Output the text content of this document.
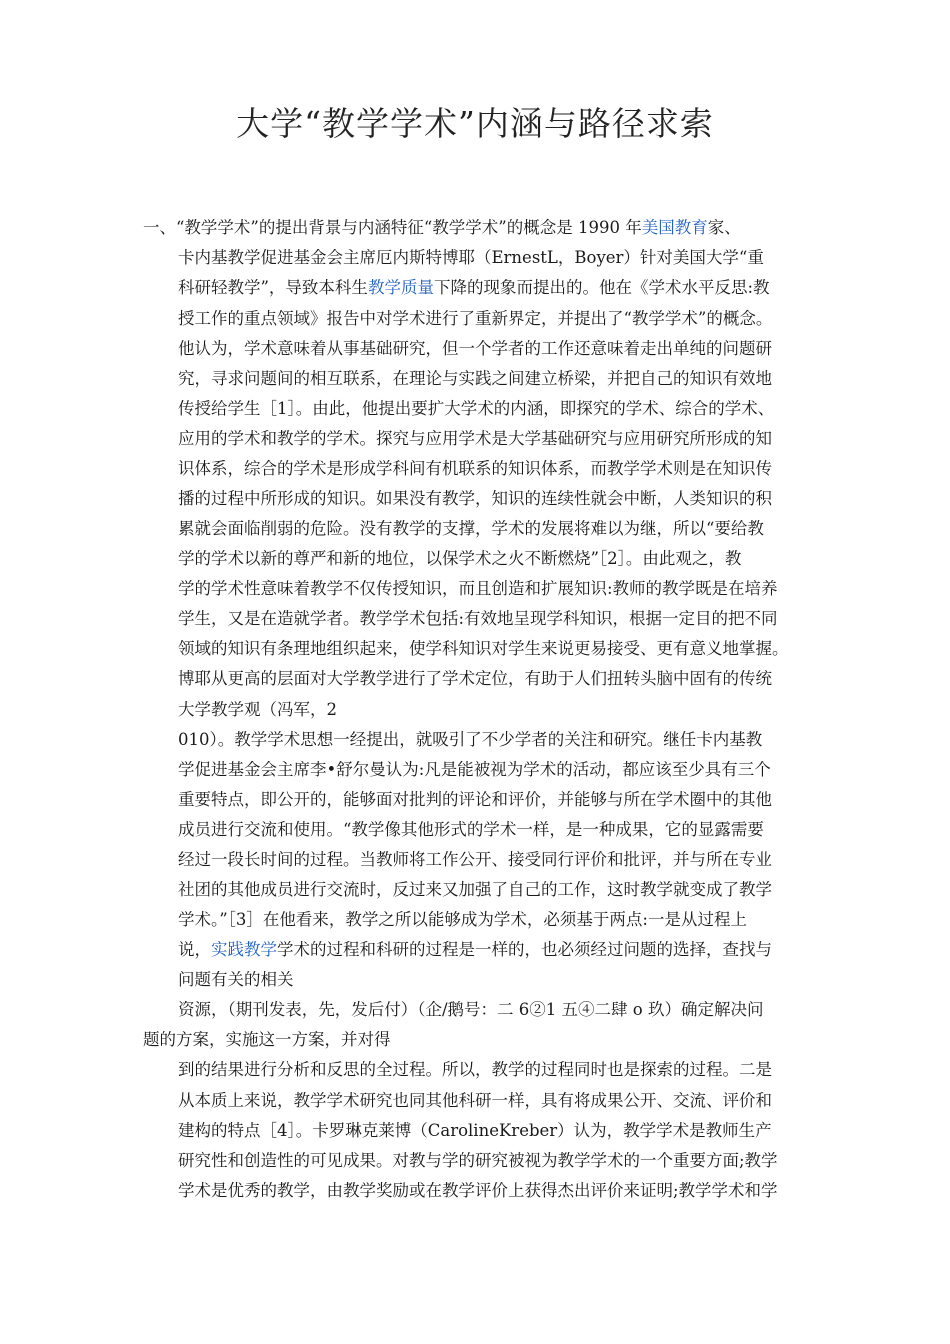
大学“教学学术”内涵与路径求索
一、“教学学术”的提出背景与内涵特征“教学学术”的概念是 1990 年美国教育家、
卡内基教学促进基金会主席厄内斯特博耶（ErnestL，Boyer）针对美国大学“重
科研轻教学”，导致本科生教学质量下降的现象而提出的。他在《学术水平反思:教
授工作的重点领域》报告中对学术进行了重新界定，并提出了“教学学术”的概念。
他认为，学术意味着从事基础研究，但一个学者的工作还意味着走出单纯的问题研
究，寻求问题间的相互联系，在理论与实践之间建立桥梁，并把自己的知识有效地
传授给学生［1］。由此，他提出要扩大学术的内涵，即探究的学术、综合的学术、
应用的学术和教学的学术。探究与应用学术是大学基础研究与应用研究所形成的知
识体系，综合的学术是形成学科间有机联系的知识体系，而教学学术则是在知识传
播的过程中所形成的知识。如果没有教学，知识的连续性就会中断，人类知识的积
累就会面临削弱的危险。没有教学的支撑，学术的发展将难以为继，所以“要给教
学的学术以新的尊严和新的地位，以保学术之火不断燃烧”［2］。由此观之，教
学的学术性意味着教学不仅传授知识，而且创造和扩展知识:教师的教学既是在培养
学生，又是在造就学者。教学学术包括:有效地呈现学科知识，根据一定目的把不同
领域的知识有条理地组织起来，使学科知识对学生来说更易接受、更有意义地掌握。
博耶从更高的层面对大学教学进行了学术定位，有助于人们扭转头脑中固有的传统
大学教学观（冯军，2
010）。教学学术思想一经提出，就吸引了不少学者的关注和研究。继任卡内基教
学促进基金会主席李•舒尔曼认为:凡是能被视为学术的活动，都应该至少具有三个
重要特点，即公开的，能够面对批判的评论和评价，并能够与所在学术圈中的其他
成员进行交流和使用。“教学像其他形式的学术一样，是一种成果，它的显露需要
经过一段长时间的过程。当教师将工作公开、接受同行评价和批评，并与所在专业
社团的其他成员进行交流时，反过来又加强了自己的工作，这时教学就变成了教学
学术。”［3］在他看来，教学之所以能够成为学术，必须基于两点:一是从过程上
说，实践教学学术的过程和科研的过程是一样的，也必须经过问题的选择，查找与
问题有关的相关
资源，（期刊发表，先，发后付）（企/鹅号：二 6②1 五④二肆 o 玖）确定解决问
题的方案，实施这一方案，并对得
到的结果进行分析和反思的全过程。所以，教学的过程同时也是探索的过程。二是
从本质上来说，教学学术研究也同其他科研一样，具有将成果公开、交流、评价和
建构的特点［4］。卡罗琳克莱博（CarolineKreber）认为，教学学术是教师生产
研究性和创造性的可见成果。对教与学的研究被视为教学学术的一个重要方面;教学
学术是优秀的教学，由教学奖励或在教学评价上获得杰出评价来证明;教学学术和学
